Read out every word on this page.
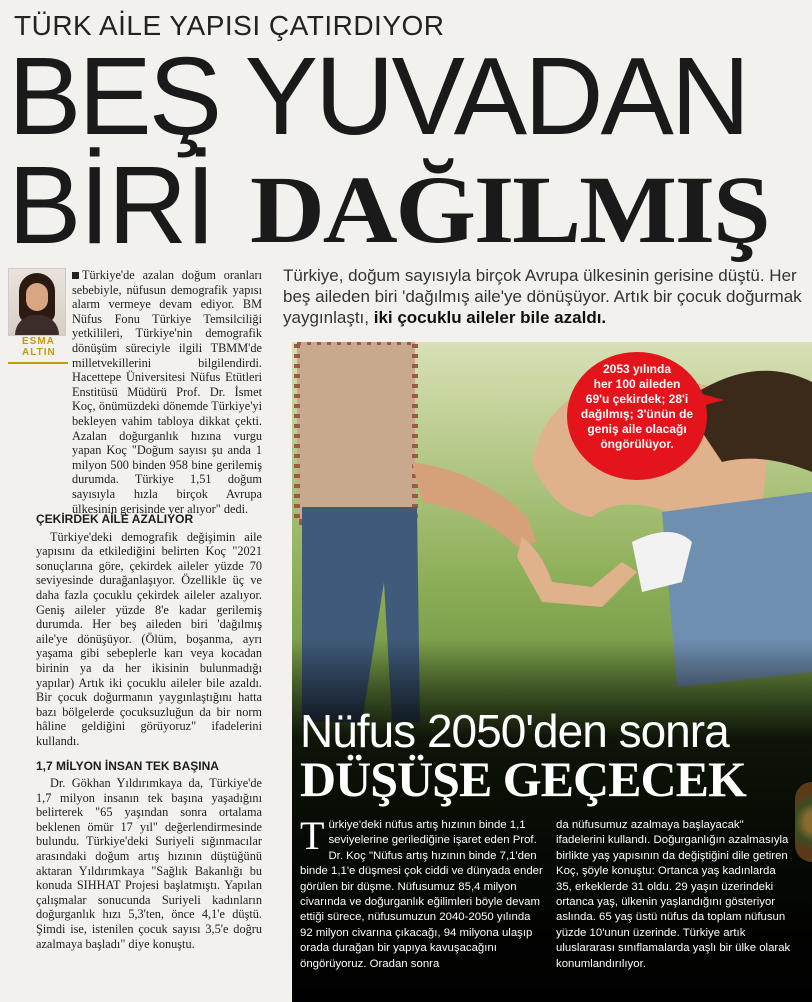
TÜRK AİLE YAPISI ÇATIRDIYOR
BEŞ YUVADAN
BİRİ DAĞILMIŞ
ESMA
ALTIN

Türkiye'de azalan doğum oranları sebebiyle, nüfusun demografik yapısı alarm vermeye devam ediyor. BM Nüfus Fonu Türkiye Temsilciliği yetkilileri, Türkiye'nin demografik dönüşüm süreciyle ilgili TBMM'de milletvekillerini bilgilendirdi. Hacettepe Üniversitesi Nüfus Etütleri Enstitüsü Müdürü Prof. Dr. İsmet Koç, önümüzdeki dönemde Türkiye'yi bekleyen vahim tabloya dikkat çekti. Azalan doğurganlık hızına vurgu yapan Koç "Doğum sayısı şu anda 1 milyon 500 binden 958 bine gerilemiş durumda. Türkiye 1,51 doğum sayısıyla hızla birçok Avrupa ülkesinin gerisinde yer alıyor" dedi.

ÇEKİRDEK AİLE AZALIYOR

Türkiye'deki demografik değişimin aile yapısını da etkilediğini belirten Koç "2021 sonuçlarına göre, çekirdek aileler yüzde 70 seviyesinde durağanlaşıyor. Özellikle üç ve daha fazla çocuklu çekirdek aileler azalıyor. Geniş aileler yüzde 8'e kadar gerilemiş durumda. Her beş aileden biri 'dağılmış aile'ye dönüşüyor. (Ölüm, boşanma, ayrı yaşama gibi sebeplerle karı veya kocadan birinin ya da her ikisinin bulunmadığı yapılar) Artık iki çocuklu aileler bile azaldı. Bir çocuk doğurmanın yaygınlaştığını hatta bazı bölgelerde çocuksuzluğun da bir norm hâline geldiğini görüyoruz" ifadelerini kullandı.

1,7 MİLYON İNSAN TEK BAŞINA

Dr. Gökhan Yıldırımkaya da, Türkiye'de 1,7 milyon insanın tek başına yaşadığını belirterek "65 yaşından sonra ortalama beklenen ömür 17 yıl" değerlendirmesinde bulundu. Türkiye'deki Suriyeli sığınmacılar arasındaki doğum artış hızının düştüğünü aktaran Yıldırımkaya "Sağlık Bakanlığı bu konuda SIHHAT Projesi başlatmıştı. Yapılan çalışmalar sonucunda Suriyeli kadınların doğurganlık hızı 5,3'ten, önce 4,1'e düştü. Şimdi ise, istenilen çocuk sayısı 3,5'e doğru azalmaya başladı" diye konuştu.

Türkiye, doğum sayısıyla birçok Avrupa ülkesinin gerisine düştü. Her beş aileden biri 'dağılmış aile'ye dönüşüyor. Artık bir çocuk doğurmak yaygınlaştı, iki çocuklu aileler bile azaldı.
2053 yılında
her 100 aileden
69'u çekirdek; 28'i
dağılmış; 3'ünün de
geniş aile olacağı
öngörülüyor.
Nüfus 2050'den sonra
DÜŞÜŞE GEÇECEK

Türkiye'deki nüfus artış hızının binde 1,1 seviyelerine gerilediğine işaret eden Prof. Dr. Koç "Nüfus artış hızının binde 7,1'den binde 1,1'e düşmesi çok ciddi ve dünyada ender görülen bir düşme. Nüfusumuz 85,4 milyon civarında ve doğurganlık eğilimleri böyle devam ettiği sürece, nüfusumuzun 2040-2050 yılında 92 milyon civarına çıkacağı, 94 milyona ulaşıp orada durağan bir yapıya kavuşacağını öngörüyoruz. Oradan sonra

da nüfusumuz azalmaya başlayacak" ifadelerini kullandı. Doğurganlığın azalmasıyla birlikte yaş yapısının da değiştiğini dile getiren Koç, şöyle konuştu: Ortanca yaş kadınlarda 35, erkeklerde 31 oldu. 29 yaşın üzerindeki ortanca yaş, ülkenin yaşlandığını gösteriyor aslında. 65 yaş üstü nüfus da toplam nüfusun yüzde 10'unun üzerinde. Türkiye artık uluslararası sınıflamalarda yaşlı bir ülke olarak konumlandırılıyor.
